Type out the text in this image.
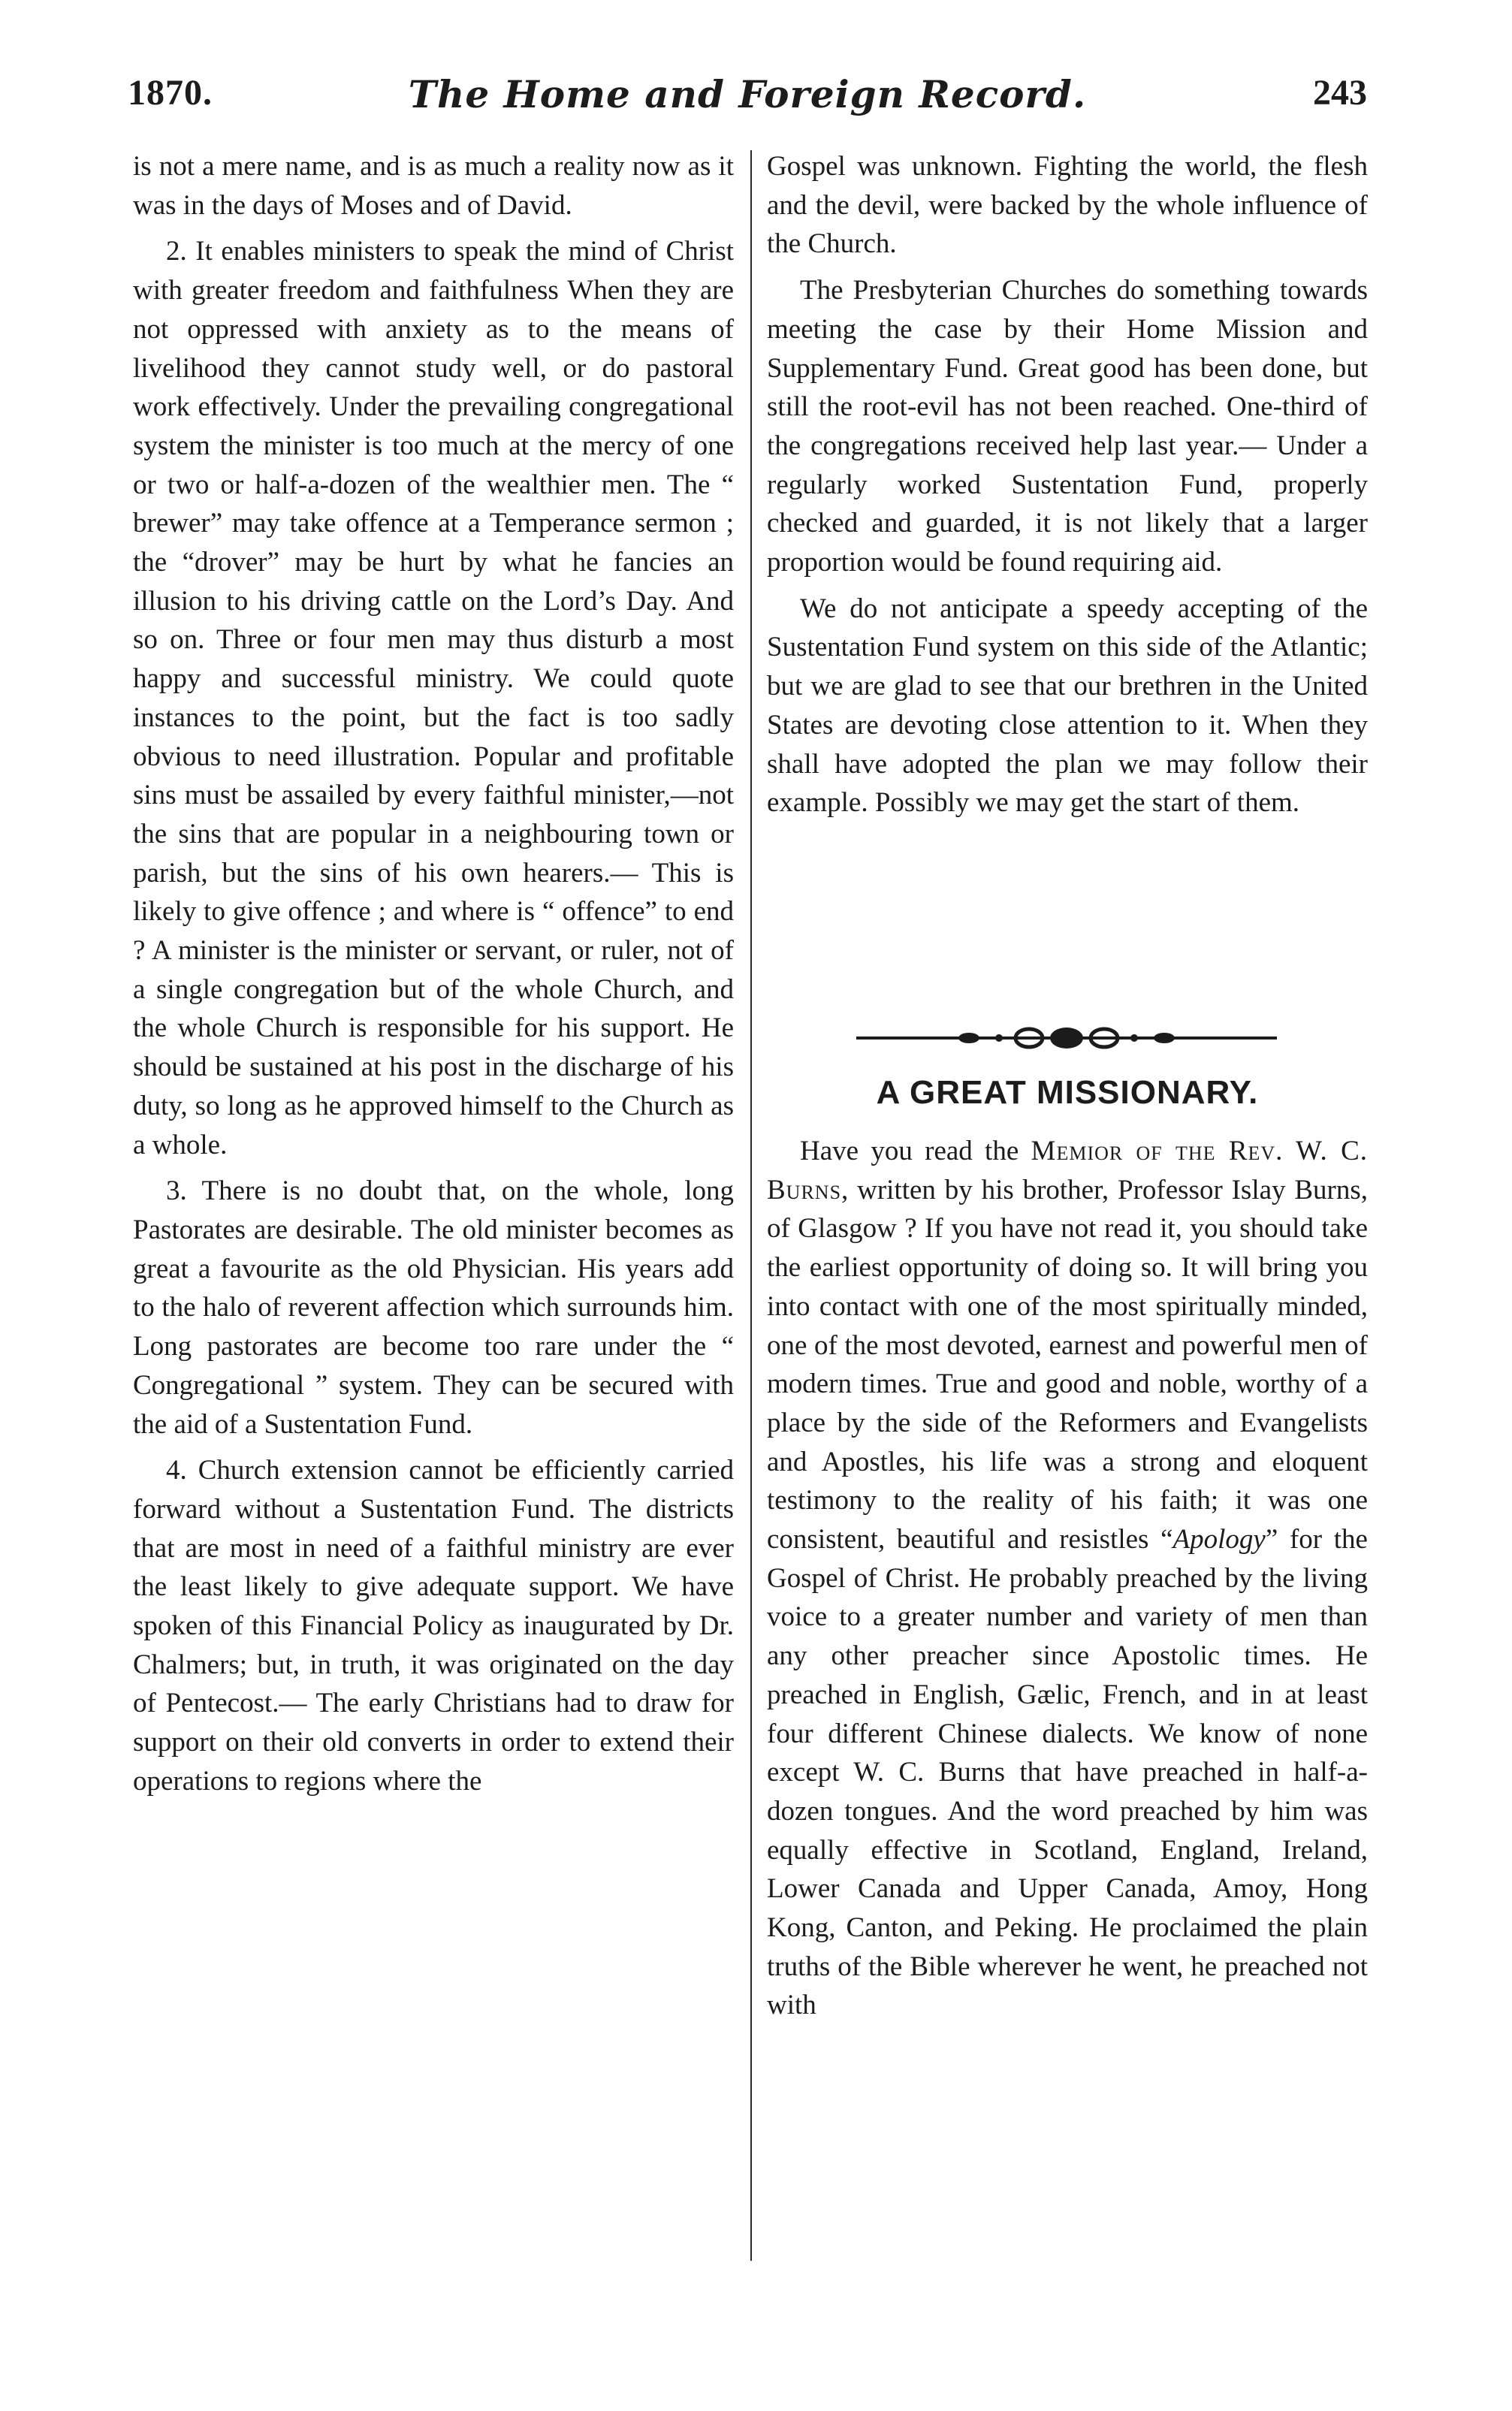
1870.	The Home and Foreign Record.	243

is not a mere name, and is as much a reality now as it was in the days of Moses and of David.

2. It enables ministers to speak the mind of Christ with greater freedom and faithfulness When they are not oppressed with anxiety as to the means of livelihood they cannot study well, or do pastoral work effectively. Under the prevailing congregational system the minister is too much at the mercy of one or two or half-a-dozen of the wealthier men. The “ brewer” may take offence at a Temperance sermon ; the “drover” may be hurt by what he fancies an illusion to his driving cattle on the Lord’s Day. And so on. Three or four men may thus disturb a most happy and successful ministry. We could quote instances to the point, but the fact is too sadly obvious to need illustration. Popular and profitable sins must be assailed by every faithful minister,—not the sins that are popular in a neighbouring town or parish, but the sins of his own hearers.— This is likely to give offence ; and where is “ offence” to end ? A minister is the minister or servant, or ruler, not of a single congregation but of the whole Church, and the whole Church is responsible for his support. He should be sustained at his post in the discharge of his duty, so long as he approved himself to the Church as a whole.

3. There is no doubt that, on the whole, long Pastorates are desirable. The old minister becomes as great a favourite as the old Physician. His years add to the halo of reverent affection which surrounds him. Long pastorates are become too rare under the “ Congregational ” system. They can be secured with the aid of a Sustentation Fund.

4. Church extension cannot be efficiently carried forward without a Sustentation Fund. The districts that are most in need of a faithful ministry are ever the least likely to give adequate support. We have spoken of this Financial Policy as inaugurated by Dr. Chalmers; but, in truth, it was originated on the day of Pentecost.— The early Christians had to draw for support on their old converts in order to extend their operations to regions where the

Gospel was unknown. Fighting the world, the flesh and the devil, were backed by the whole influence of the Church.

The Presbyterian Churches do something towards meeting the case by their Home Mission and Supplementary Fund. Great good has been done, but still the root-evil has not been reached. One-third of the congregations received help last year.— Under a regularly worked Sustentation Fund, properly checked and guarded, it is not likely that a larger proportion would be found requiring aid.

We do not anticipate a speedy accepting of the Sustentation Fund system on this side of the Atlantic; but we are glad to see that our brethren in the United States are devoting close attention to it. When they shall have adopted the plan we may follow their example. Possibly we may get the start of them.

A GREAT MISSIONARY.

Have you read the Memior of the Rev. W. C. Burns, written by his brother, Professor Islay Burns, of Glasgow ? If you have not read it, you should take the earliest opportunity of doing so. It will bring you into contact with one of the most spiritually minded, one of the most devoted, earnest and powerful men of modern times. True and good and noble, worthy of a place by the side of the Reformers and Evangelists and Apostles, his life was a strong and eloquent testimony to the reality of his faith; it was one consistent, beautiful and resistles “Apology” for the Gospel of Christ. He probably preached by the living voice to a greater number and variety of men than any other preacher since Apostolic times. He preached in English, Gælic, French, and in at least four different Chinese dialects. We know of none except W. C. Burns that have preached in half-a-dozen tongues. And the word preached by him was equally effective in Scotland, England, Ireland, Lower Canada and Upper Canada, Amoy, Hong Kong, Canton, and Peking. He proclaimed the plain truths of the Bible wherever he went, he preached not with
